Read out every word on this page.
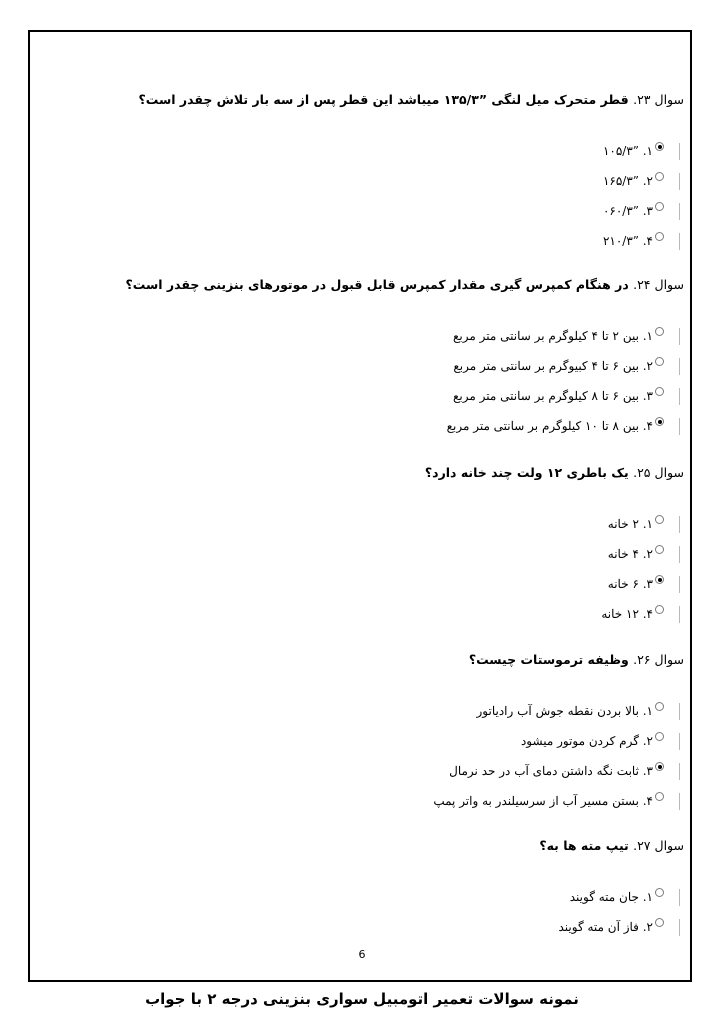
سوال ۲۳. قطر متحرک میل لنگی ”۱۳۵/۳ میباشد این قطر پس از سه بار تلاش چقدر است؟
۱. ”۱۰۵/۳
۲. ”۱۶۵/۳
۳. ”۰۶۰/۳
۴. ”۲۱۰/۳
سوال ۲۴. در هنگام کمپرس گیری مقدار کمپرس قابل قبول در موتورهای بنزینی چقدر است؟
۱. بین ۲ تا ۴ کیلوگرم بر سانتی متر مربع
۲. بین ۶ تا ۴ کبیوگرم بر سانتی متر مربع
۳. بین ۶ تا ۸ کیلوگرم بر سانتی متر مربع
۴. بین ۸ تا ۱۰ کیلوگرم بر سانتی متر مربع
سوال ۲۵. یک باطری ۱۲ ولت چند خانه دارد؟
۱. ۲ خانه
۲. ۴ خانه
۳. ۶ خانه
۴. ۱۲ خانه
سوال ۲۶. وظیفه ترموستات چیست؟
۱. بالا بردن نقطه جوش آب رادیاتور
۲. گرم کردن موتور میشود
۳. ثابت نگه داشتن دمای آب در حد نرمال
۴. بستن مسیر آب از سرسیلندر به واتر پمپ
سوال ۲۷. تیپ مته ها به؟
۱. جان مته گویند
۲. فاز آن مته گویند
6
نمونه سوالات تعمیر اتومبیل سواری بنزینی درجه ۲ با جواب
